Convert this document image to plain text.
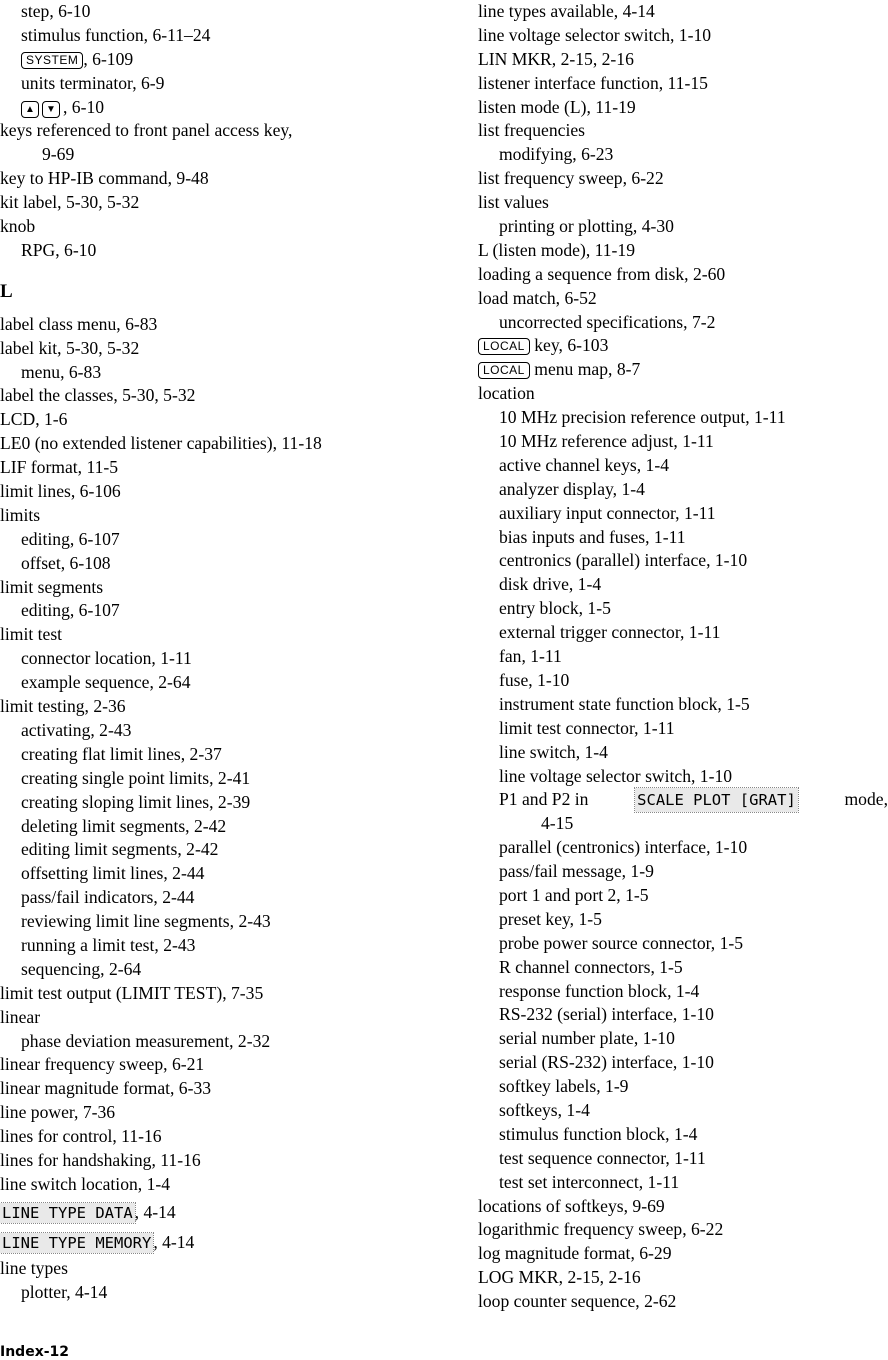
step, 6-10
stimulus function, 6-11–24
SYSTEM , 6-109
units terminator, 6-9
▲ ▼ , 6-10
keys referenced to front panel access key,
9-69
key to HP-IB command, 9-48
kit label, 5-30, 5-32
knob
RPG, 6-10
L
label class menu, 6-83
label kit, 5-30, 5-32
menu, 6-83
label the classes, 5-30, 5-32
LCD, 1-6
LE0 (no extended listener capabilities), 11-18
LIF format, 11-5
limit lines, 6-106
limits
editing, 6-107
offset, 6-108
limit segments
editing, 6-107
limit test
connector location, 1-11
example sequence, 2-64
limit testing, 2-36
activating, 2-43
creating flat limit lines, 2-37
creating single point limits, 2-41
creating sloping limit lines, 2-39
deleting limit segments, 2-42
editing limit segments, 2-42
offsetting limit lines, 2-44
pass/fail indicators, 2-44
reviewing limit line segments, 2-43
running a limit test, 2-43
sequencing, 2-64
limit test output (LIMIT TEST), 7-35
linear
phase deviation measurement, 2-32
linear frequency sweep, 6-21
linear magnitude format, 6-33
line power, 7-36
lines for control, 11-16
lines for handshaking, 11-16
line switch location, 1-4
LINE TYPE DATA , 4-14
LINE TYPE MEMORY , 4-14
line types
plotter, 4-14
line types available, 4-14
line voltage selector switch, 1-10
LIN MKR, 2-15, 2-16
listener interface function, 11-15
listen mode (L), 11-19
list frequencies
modifying, 6-23
list frequency sweep, 6-22
list values
printing or plotting, 4-30
L (listen mode), 11-19
loading a sequence from disk, 2-60
load match, 6-52
uncorrected specifications, 7-2
LOCAL key, 6-103
LOCAL menu map, 8-7
location
10 MHz precision reference output, 1-11
10 MHz reference adjust, 1-11
active channel keys, 1-4
analyzer display, 1-4
auxiliary input connector, 1-11
bias inputs and fuses, 1-11
centronics (parallel) interface, 1-10
disk drive, 1-4
entry block, 1-5
external trigger connector, 1-11
fan, 1-11
fuse, 1-10
instrument state function block, 1-5
limit test connector, 1-11
line switch, 1-4
line voltage selector switch, 1-10
P1 and P2 in	SCALE PLOT [GRAT]	mode,
4-15
parallel (centronics) interface, 1-10
pass/fail message, 1-9
port 1 and port 2, 1-5
preset key, 1-5
probe power source connector, 1-5
R channel connectors, 1-5
response function block, 1-4
RS-232 (serial) interface, 1-10
serial number plate, 1-10
serial (RS-232) interface, 1-10
softkey labels, 1-9
softkeys, 1-4
stimulus function block, 1-4
test sequence connector, 1-11
test set interconnect, 1-11
locations of softkeys, 9-69
logarithmic frequency sweep, 6-22
log magnitude format, 6-29
LOG MKR, 2-15, 2-16
loop counter sequence, 2-62
Index-12
